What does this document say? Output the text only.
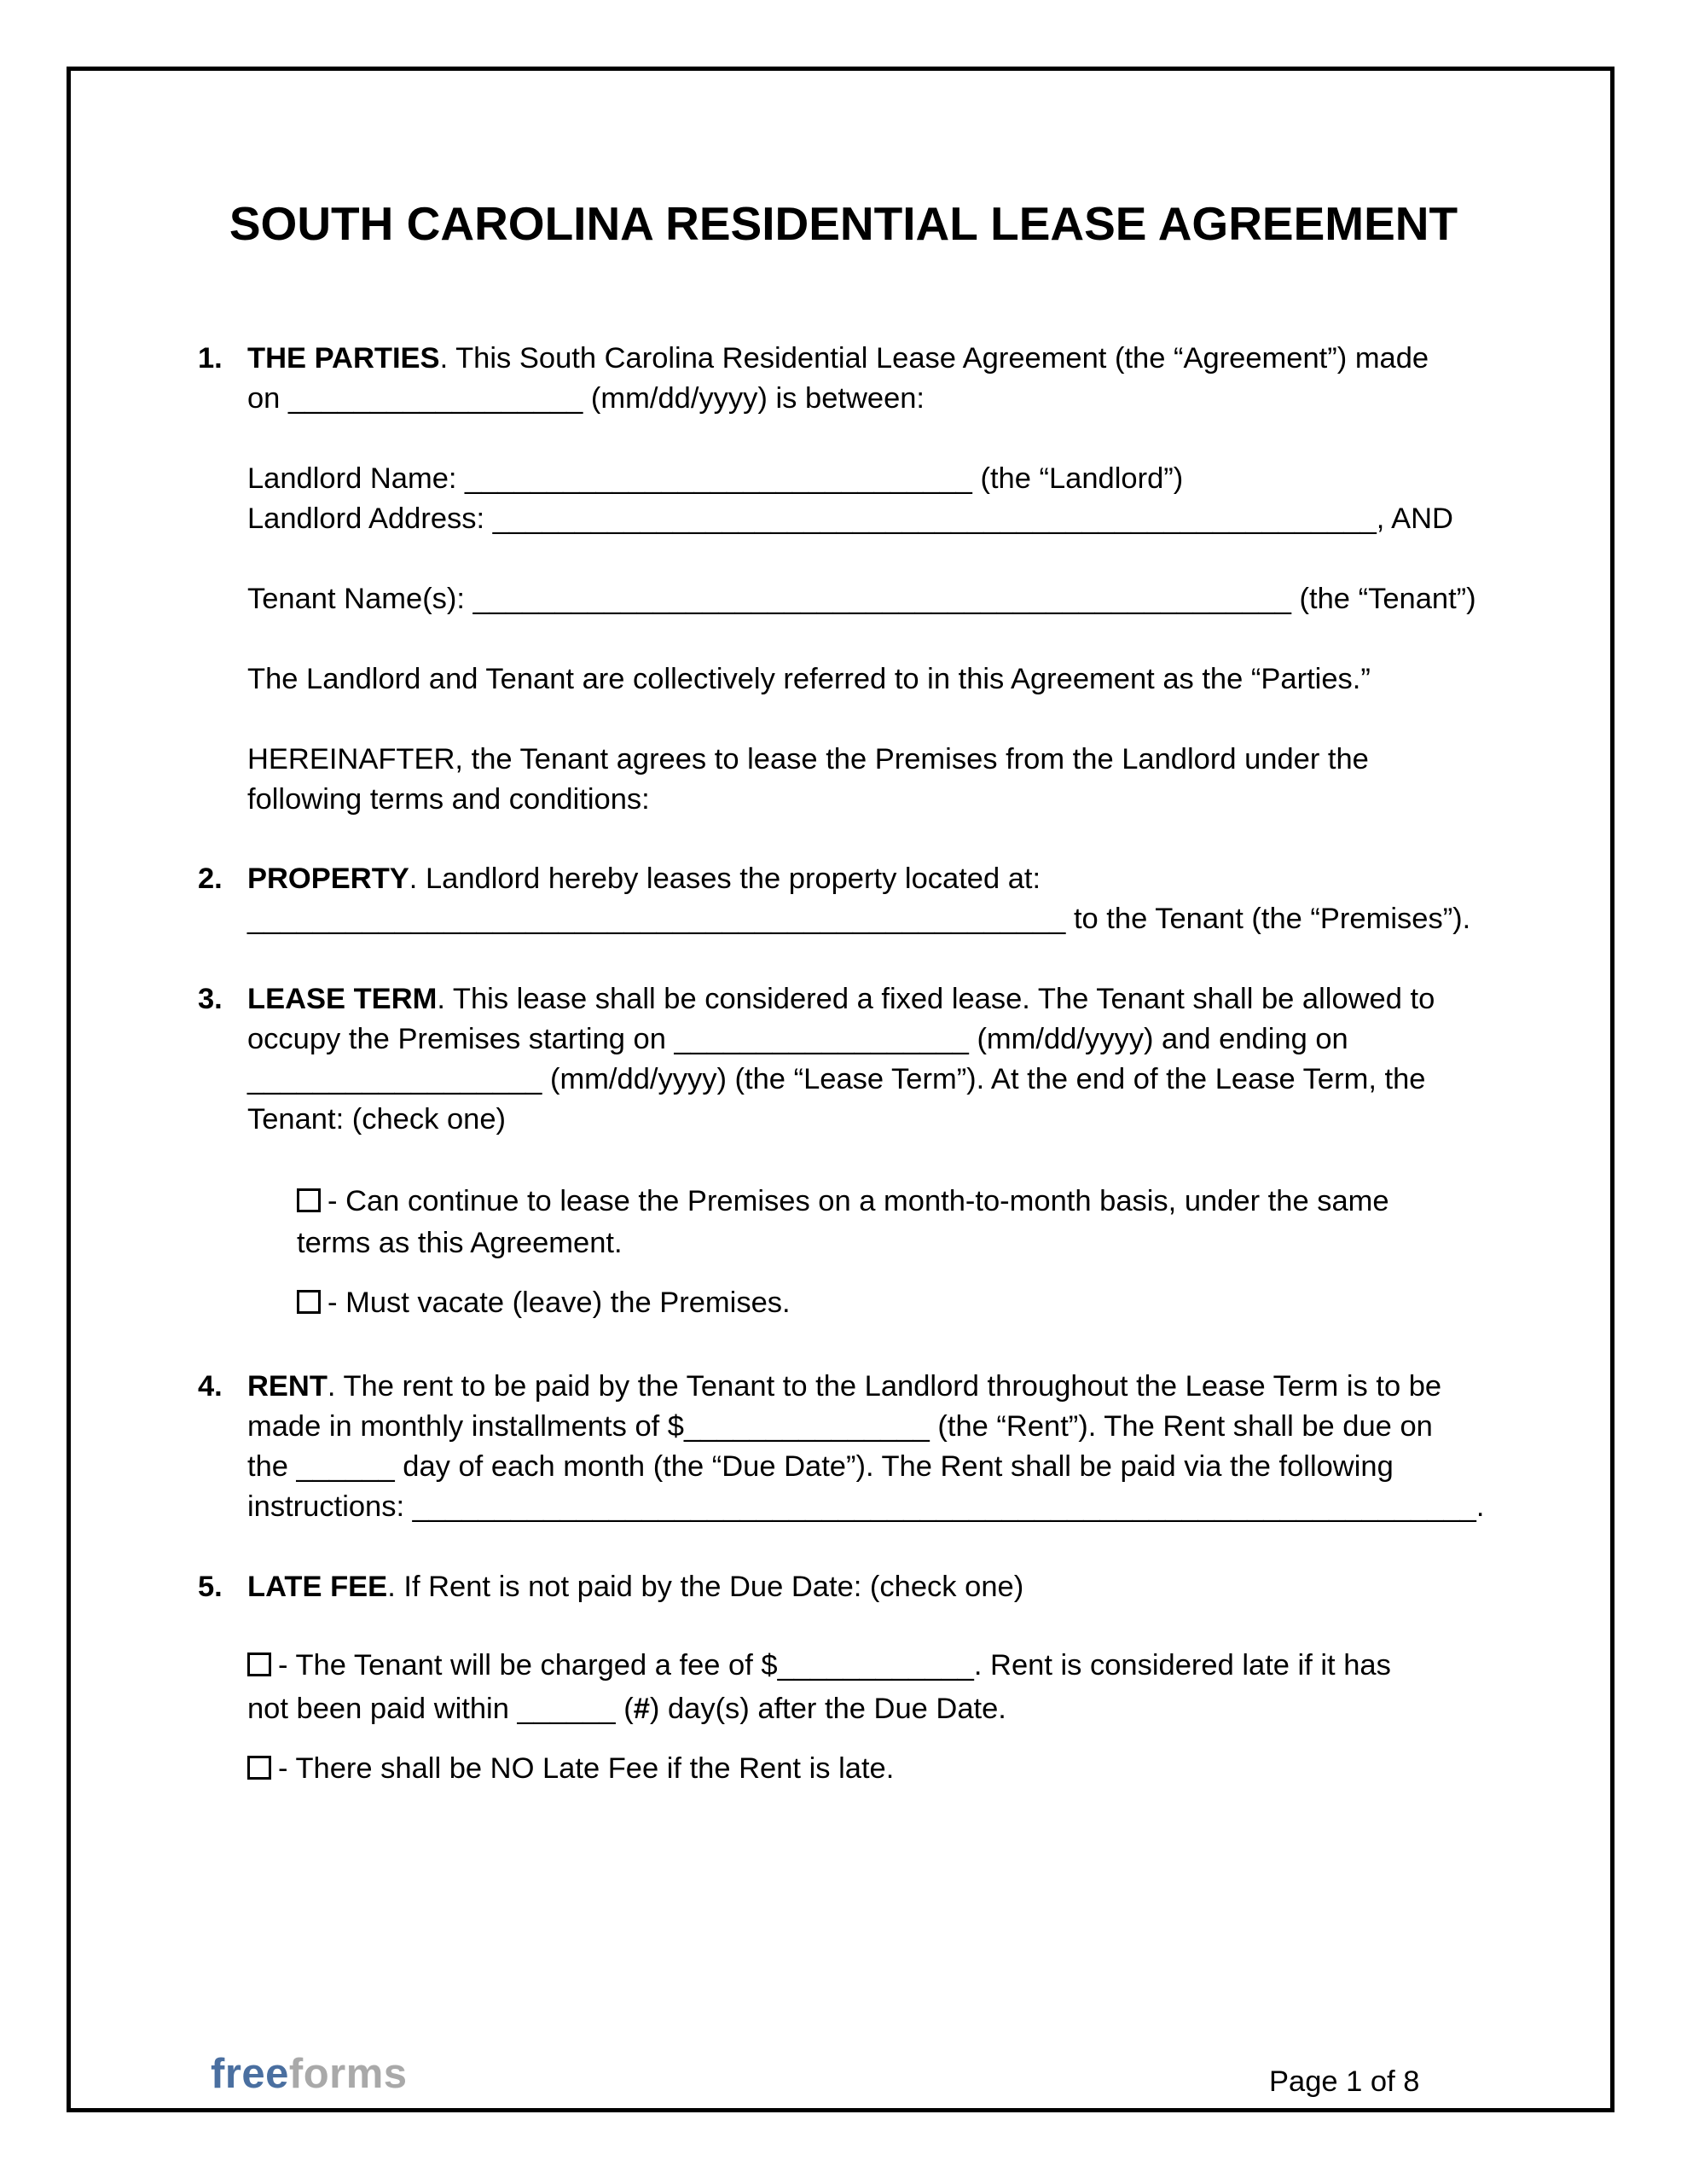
SOUTH CAROLINA RESIDENTIAL LEASE AGREEMENT
1. THE PARTIES. This South Carolina Residential Lease Agreement (the “Agreement”) made
on __________________ (mm/dd/yyyy) is between:
Landlord Name: _______________________________ (the “Landlord”)
Landlord Address: ______________________________________________________, AND
Tenant Name(s): __________________________________________________ (the “Tenant”)
The Landlord and Tenant are collectively referred to in this Agreement as the “Parties.”
HEREINAFTER, the Tenant agrees to lease the Premises from the Landlord under the
following terms and conditions:
2. PROPERTY. Landlord hereby leases the property located at:
__________________________________________________ to the Tenant (the “Premises”).
3. LEASE TERM. This lease shall be considered a fixed lease. The Tenant shall be allowed to
occupy the Premises starting on __________________ (mm/dd/yyyy) and ending on
__________________ (mm/dd/yyyy) (the “Lease Term”). At the end of the Lease Term, the
Tenant: (check one)
- Can continue to lease the Premises on a month-to-month basis, under the same
terms as this Agreement.
- Must vacate (leave) the Premises.
4. RENT. The rent to be paid by the Tenant to the Landlord throughout the Lease Term is to be
made in monthly installments of $_______________ (the “Rent”). The Rent shall be due on
the ______ day of each month (the “Due Date”). The Rent shall be paid via the following
instructions: _________________________________________________________________.
5. LATE FEE. If Rent is not paid by the Due Date: (check one)
- The Tenant will be charged a fee of $____________. Rent is considered late if it has
not been paid within ______ (#) day(s) after the Due Date.
- There shall be NO Late Fee if the Rent is late.
freeforms	Page 1 of 8
